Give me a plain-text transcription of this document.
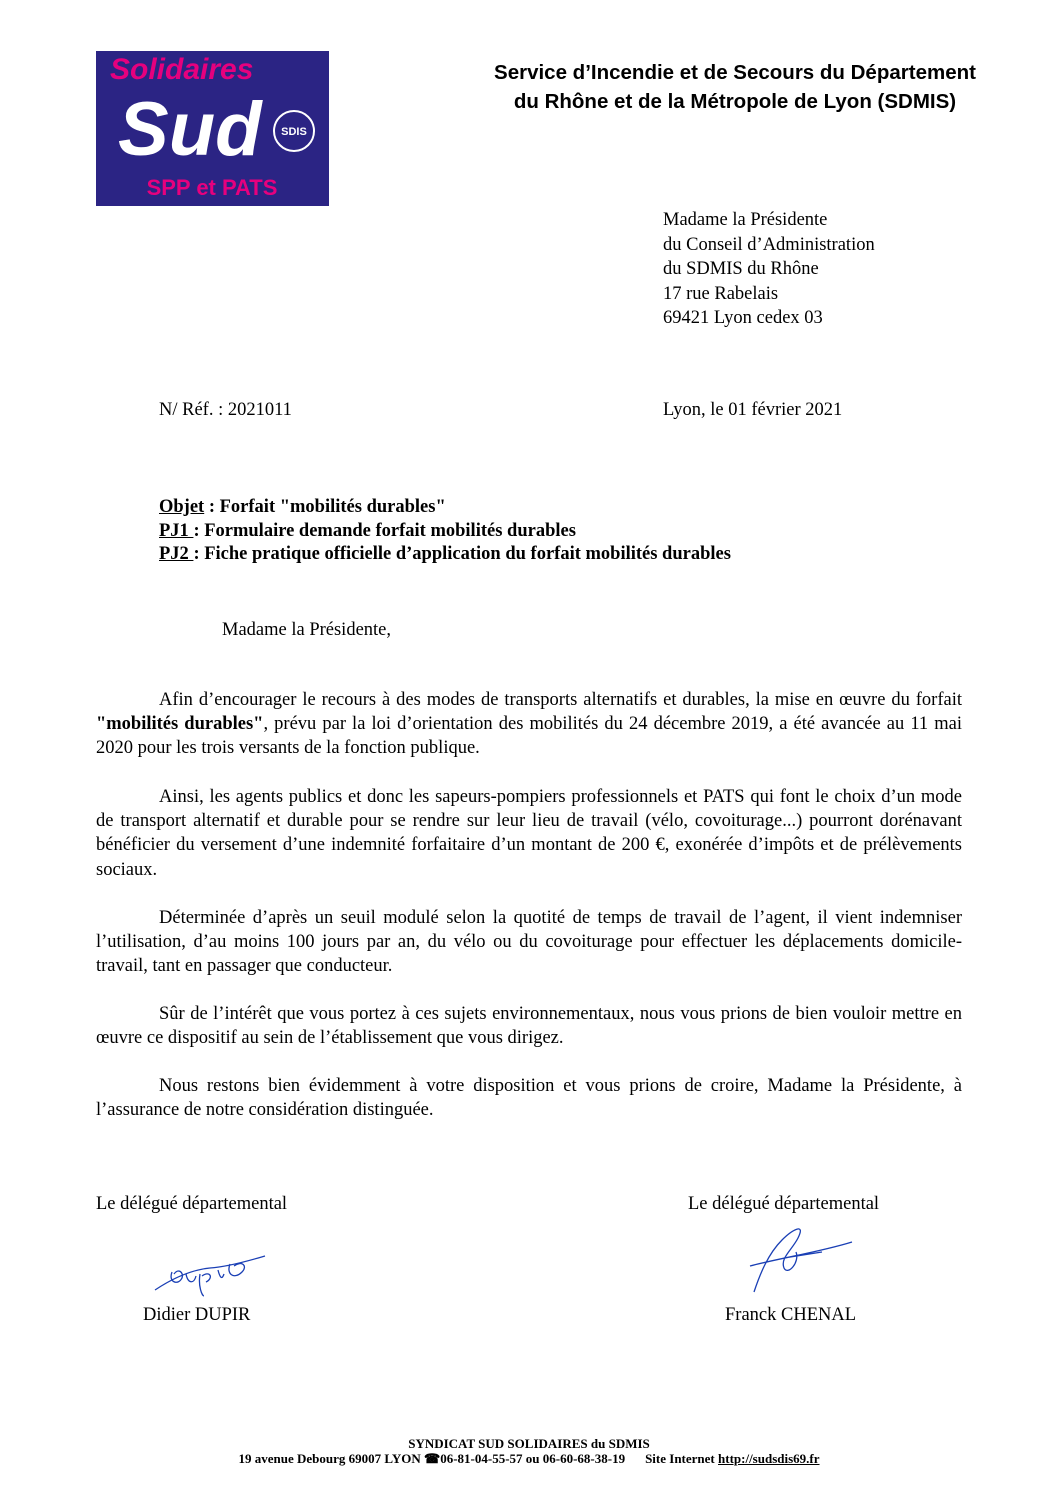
Solidaires
Sud SDIS
SPP et PATS
Service d’Incendie et de Secours du Département
du Rhône et de la Métropole de Lyon (SDMIS)
Madame la Présidente
du Conseil d’Administration
du SDMIS du Rhône
17 rue Rabelais
69421 Lyon cedex 03
N/ Réf. : 2021011	Lyon, le 01 février 2021
Objet : Forfait "mobilités durables"
PJ1 : Formulaire demande forfait mobilités durables
PJ2 : Fiche pratique officielle d’application du forfait mobilités durables
Madame la Présidente,

Afin d’encourager le recours à des modes de transports alternatifs et durables, la mise en œuvre du forfait "mobilités durables", prévu par la loi d’orientation des mobilités du 24 décembre 2019, a été avancée au 11 mai 2020 pour les trois versants de la fonction publique.

Ainsi, les agents publics et donc les sapeurs-pompiers professionnels et PATS qui font le choix d’un mode de transport alternatif et durable pour se rendre sur leur lieu de travail (vélo, covoiturage...) pourront dorénavant bénéficier du versement d’une indemnité forfaitaire d’un montant de 200 €, exonérée d’impôts et de prélèvements sociaux.

Déterminée d’après un seuil modulé selon la quotité de temps de travail de l’agent, il vient indemniser l’utilisation, d’au moins 100 jours par an, du vélo ou du covoiturage pour effectuer les déplacements domicile-travail, tant en passager que conducteur.

Sûr de l’intérêt que vous portez à ces sujets environnementaux, nous vous prions de bien vouloir mettre en œuvre ce dispositif au sein de l’établissement que vous dirigez.

Nous restons bien évidemment à votre disposition et vous prions de croire, Madame la Présidente, à l’assurance de notre considération distinguée.

Le délégué départemental
Didier DUPIR
Le délégué départemental
Franck CHENAL
SYNDICAT SUD SOLIDAIRES du SDMIS
19 avenue Debourg 69007 LYON ☎06-81-04-55-57 ou 06-60-68-38-19 Site Internet http://sudsdis69.fr
